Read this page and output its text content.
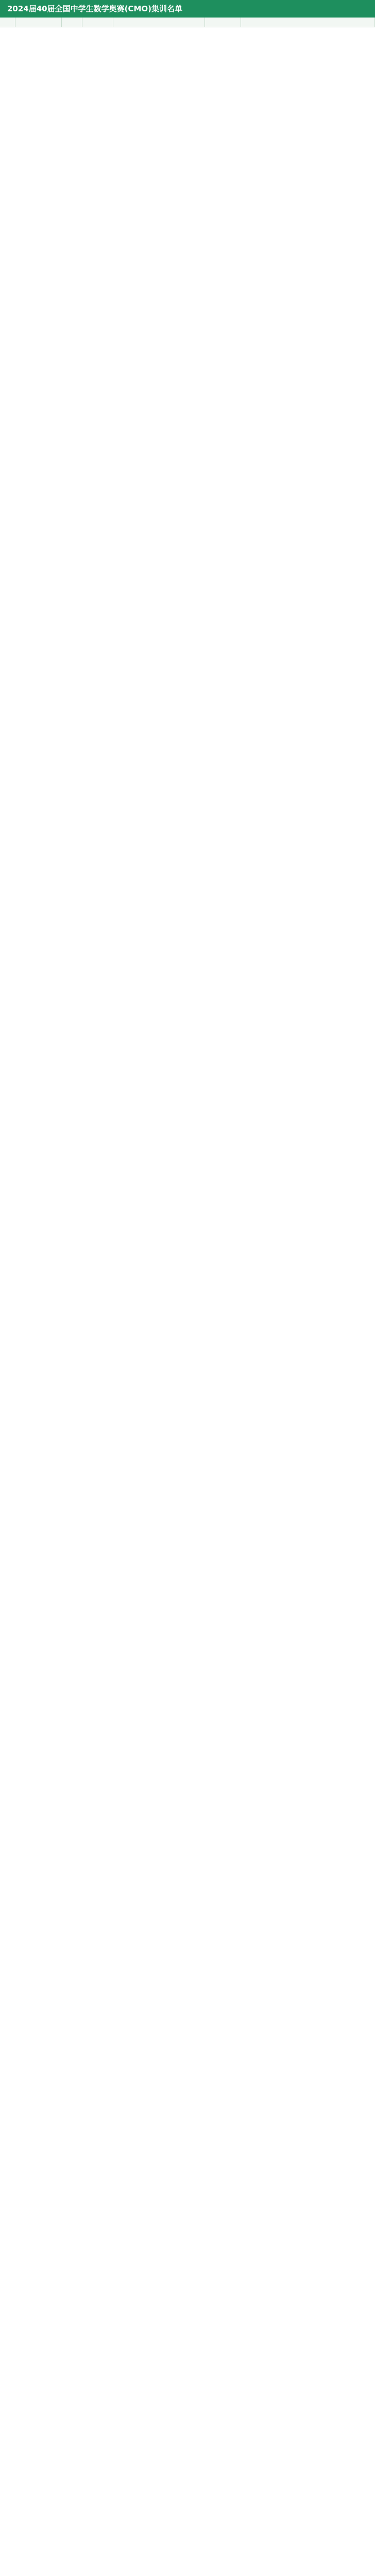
2024届40届全国中学生数学奥赛(CMO)集训名单
